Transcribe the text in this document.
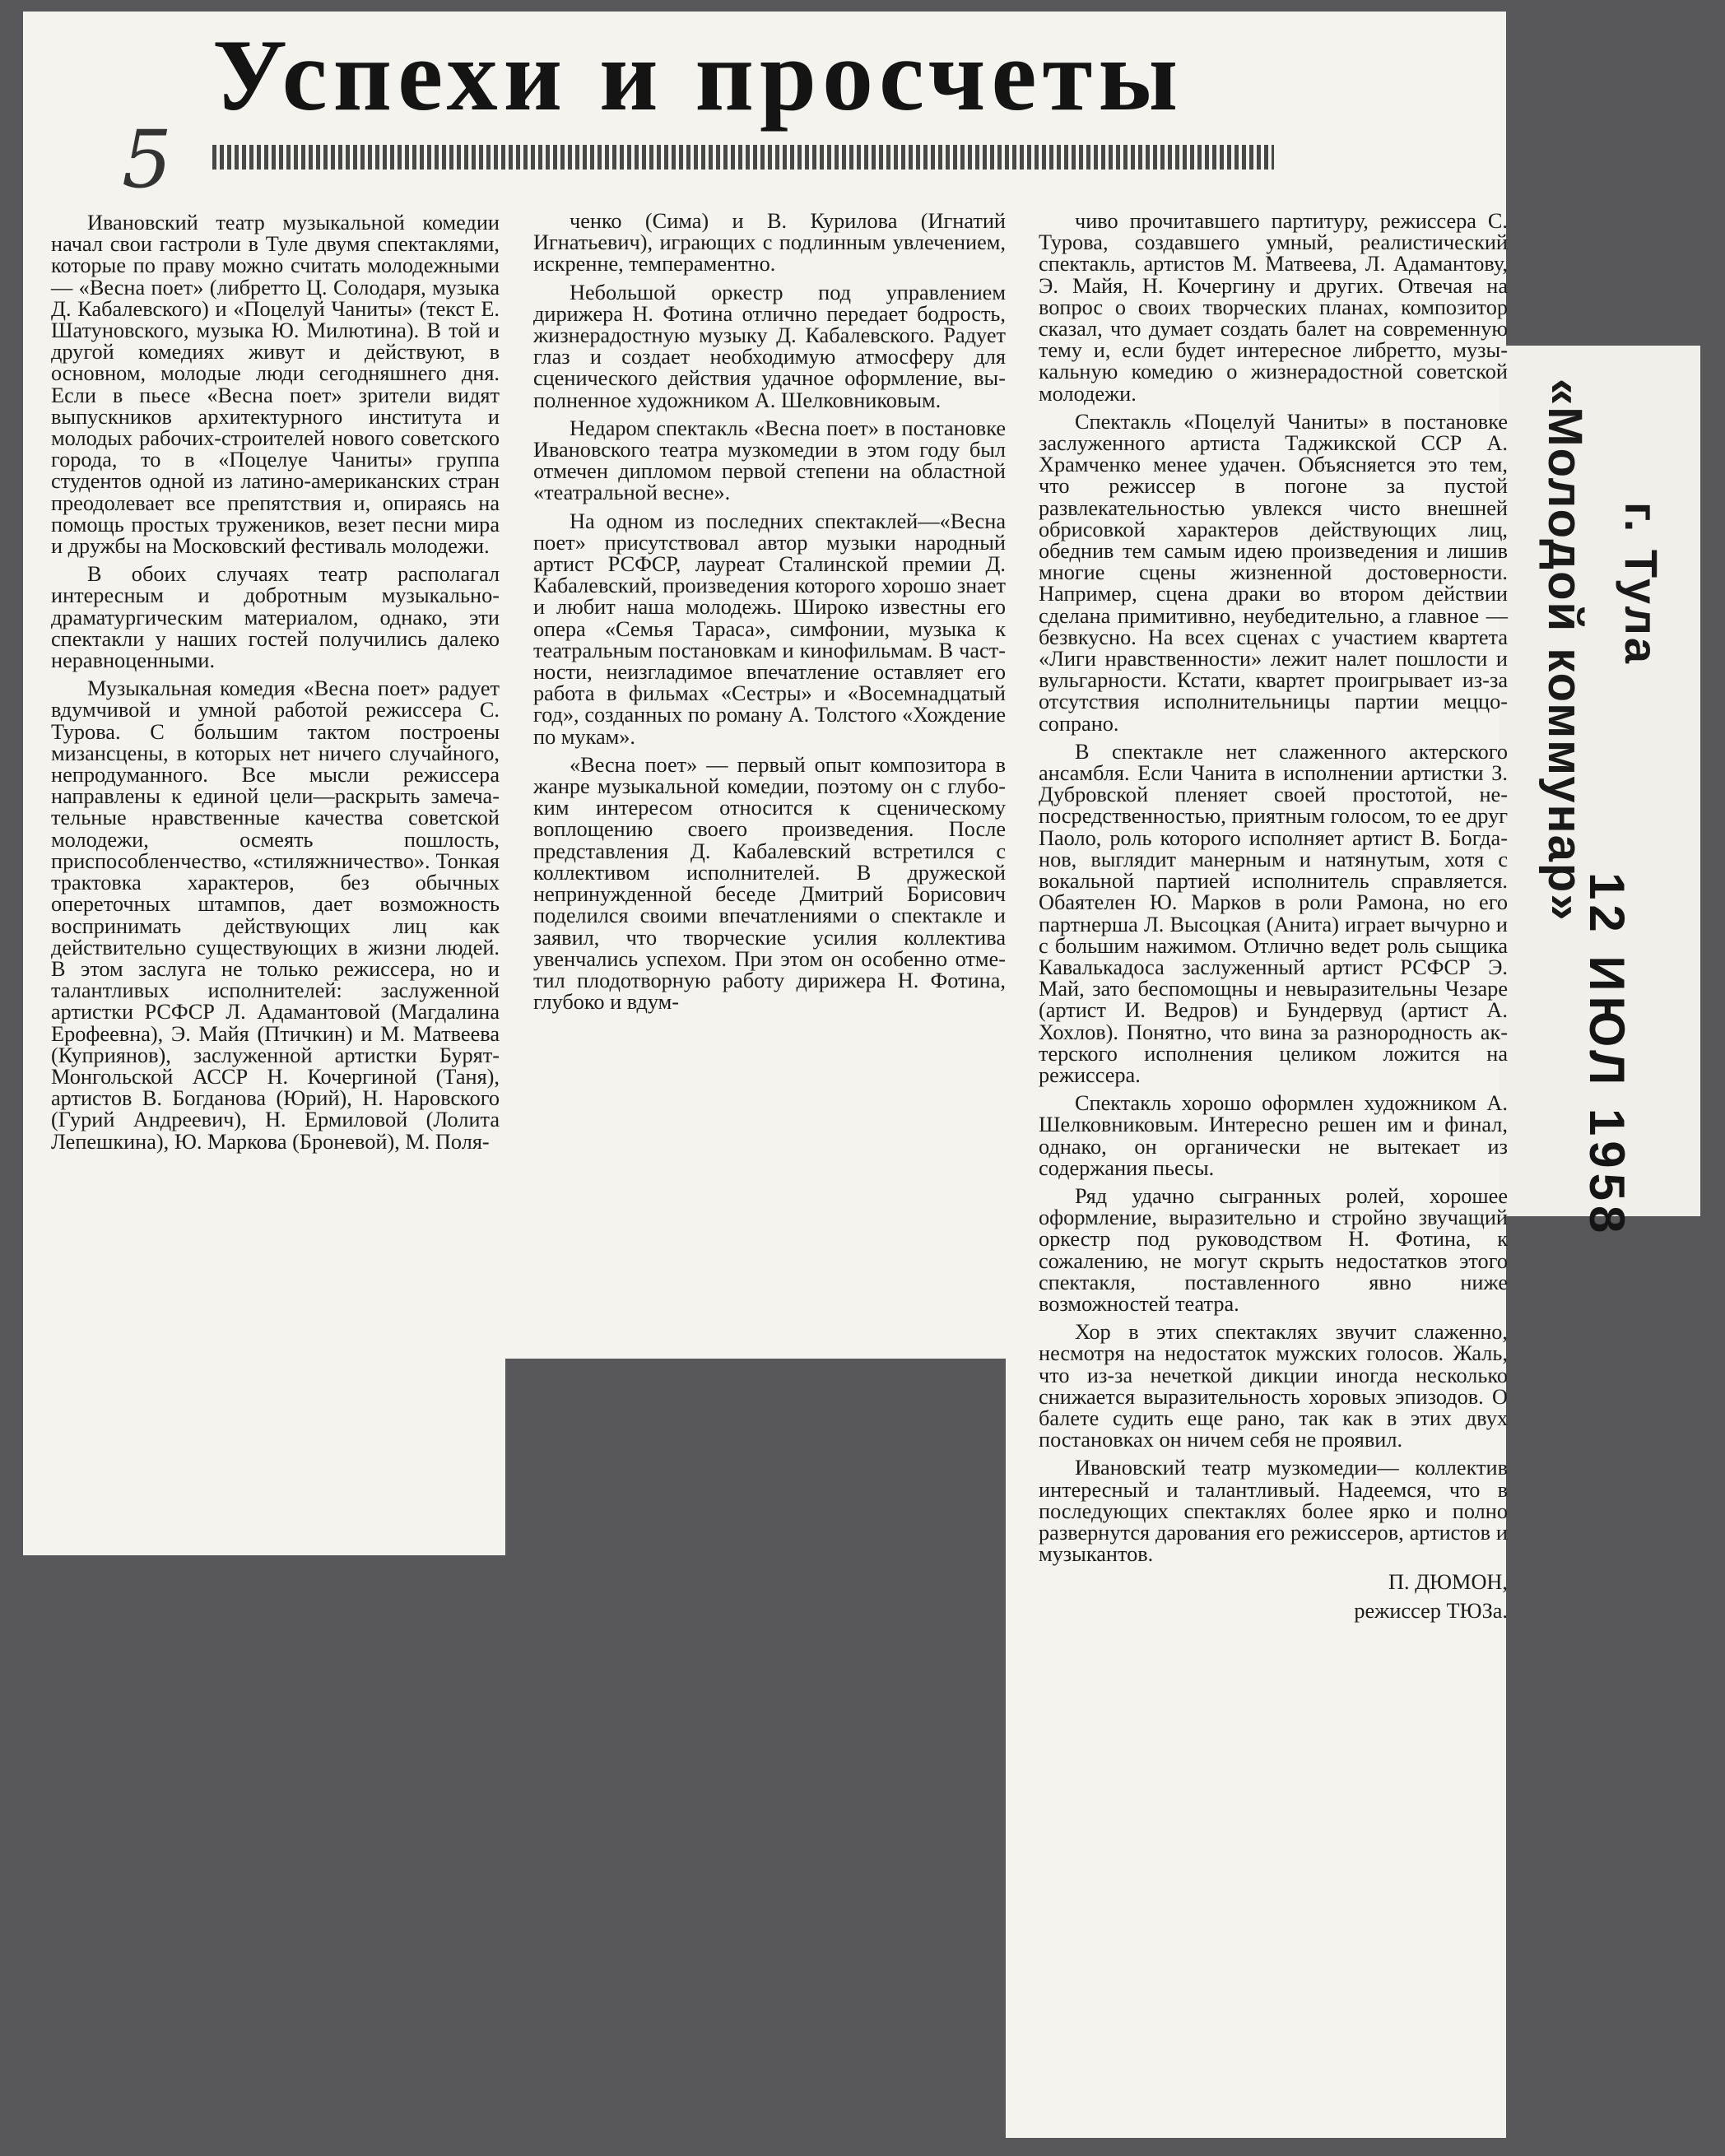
Успехи и просчеты
5

Ивановский театр музыкальной комедии начал свои гастроли в Туле двумя спектаклями, которые по праву можно считать молодежными — «Весна поет» (либретто Ц. Солодаря, музыка Д. Кабалевского) и «Поцелуй Чаниты» (текст Е. Шатуновского, музыка Ю. Милютина). В той и другой комедиях живут и действуют, в основном, молодые люди сегодняшнего дня. Если в пьесе «Весна поет» зрители видят выпускников архитектурного института и молодых рабочих-строителей нового советского города, то в «Поцелуе Чаниты» группа студентов одной из латино-американских стран преодолевает все препятствия и, опираясь на помощь простых тружеников, везет песни мира и дружбы на Московский фестиваль молодежи.

В обоих случаях театр располагал интересным и добротным музыкально-драматургическим материалом, однако, эти спектакли у наших гостей получились далеко неравноценными.

Музыкальная комедия «Весна поет» радует вдумчивой и умной работой режиссера С. Турова. С большим тактом построены мизансцены, в которых нет ничего случайного, непродуманного. Все мысли режиссера направлены к единой цели—раскрыть замечательные нравственные качества советской молодежи, осмеять пошлость, приспособленчество, «стиляжничество». Тонкая трактовка характеров, без обычных опереточных штампов, дает возможность воспринимать действующих лиц как действительно существующих в жизни людей. В этом заслуга не только режиссера, но и талантливых исполнителей: заслуженной артистки РСФСР Л. Адамантовой (Магдалина Ерофеевна), Э. Майя (Птичкин) и М. Матвеева (Куприянов), заслуженной артистки Бурят-Монгольской АССР Н. Кочергиной (Таня), артистов В. Богданова (Юрий), Н. Наровского (Гурий Андреевич), Н. Ермиловой (Лолита Лепешкина), Ю. Маркова (Броневой), М. Поля-

ченко (Сима) и В. Курилова (Игнатий Игнатьевич), играющих с подлинным увлечением, искренне, темпераментно.

Небольшой оркестр под управлением дирижера Н. Фотина отлично передает бодрость, жизнерадостную музыку Д. Кабалевского. Радует глаз и создает необходимую атмосферу для сценического действия удачное оформление, выполненное художником А. Шелковниковым.

Недаром спектакль «Весна поет» в постановке Ивановского театра музкомедии в этом году был отмечен дипломом первой степени на областной «театральной весне».

На одном из последних спектаклей—«Весна поет» присутствовал автор музыки народный артист РСФСР, лауреат Сталинской премии Д. Кабалевский, произведения которого хорошо знает и любит наша молодежь. Широко известны его опера «Семья Тараса», симфонии, музыка к театральным постановкам и кинофильмам. В частности, неизгладимое впечатление оставляет его работа в фильмах «Сестры» и «Восемнадцатый год», созданных по роману А. Толстого «Хождение по мукам».

«Весна поет» — первый опыт композитора в жанре музыкальной комедии, поэтому он с глубоким интересом относится к сценическому воплощению своего произведения. После представления Д. Кабалевский встретился с коллективом исполнителей. В дружеской непринужденной беседе Дмитрий Борисович поделился своими впечатлениями о спектакле и заявил, что творческие усилия коллектива увенчались успехом. При этом он особенно отметил плодотворную работу дирижера Н. Фотина, глубоко и вдум-

чиво прочитавшего партитуру, режиссера С. Турова, создавшего умный, реалистический спектакль, артистов М. Матвеева, Л. Адамантову, Э. Майя, Н. Кочергину и других. Отвечая на вопрос о своих творческих планах, композитор сказал, что думает создать балет на современную тему и, если будет интересное либретто, музыкальную комедию о жизнерадостной советской молодежи.

Спектакль «Поцелуй Чаниты» в постановке заслуженного артиста Таджикской ССР А. Храмченко менее удачен. Объясняется это тем, что режиссер в погоне за пустой развлекательностью увлекся чисто внешней обрисовкой характеров действующих лиц, обеднив тем самым идею произведения и лишив многие сцены жизненной достоверности. Например, сцена драки во втором действии сделана примитивно, неубедительно, а главное — безвкусно. На всех сценах с участием квартета «Лиги нравственности» лежит налет пошлости и вульгарности. Кстати, квартет проигрывает из-за отсутствия исполнительницы партии меццо-сопрано.

В спектакле нет слаженного актерского ансамбля. Если Чанита в исполнении артистки З. Дубровской пленяет своей простотой, непосредственностью, приятным голосом, то ее друг Паоло, роль которого исполняет артист В. Богданов, выглядит манерным и натянутым, хотя с вокальной партией исполнитель справляется. Обаятелен Ю. Марков в роли Рамона, но его партнерша Л. Высоцкая (Анита) играет вычурно и с большим нажимом. Отлично ведет роль сыщика Кавалькадоса заслуженный артист РСФСР Э. Май, зато беспомощны и невыразительны Чезаре (артист И. Ведров) и Бундервуд (артист А. Хохлов). Понятно, что вина за разнородность актерского исполнения целиком ложится на режиссера.

Спектакль хорошо оформлен художником А. Шелковниковым. Интересно решен им и финал, однако, он органически не вытекает из содержания пьесы.

Ряд удачно сыгранных ролей, хорошее оформление, выразительно и стройно звучащий оркестр под руководством Н. Фотина, к сожалению, не могут скрыть недостатков этого спектакля, поставленного явно ниже возможностей театра.

Хор в этих спектаклях звучит слаженно, несмотря на недостаток мужских голосов. Жаль, что из-за нечеткой дикции иногда несколько снижается выразительность хоровых эпизодов. О балете судить еще рано, так как в этих двух постановках он ничем себя не проявил.

Ивановский театр музкомедии— коллектив интересный и талантливый. Надеемся, что в последующих спектаклях более ярко и полно развернутся дарования его режиссеров, артистов и музыкантов.

П. ДЮМОН,

режиссер ТЮЗа.

«Молодой коммунар» г. Тула
12 ИЮЛ 1958
